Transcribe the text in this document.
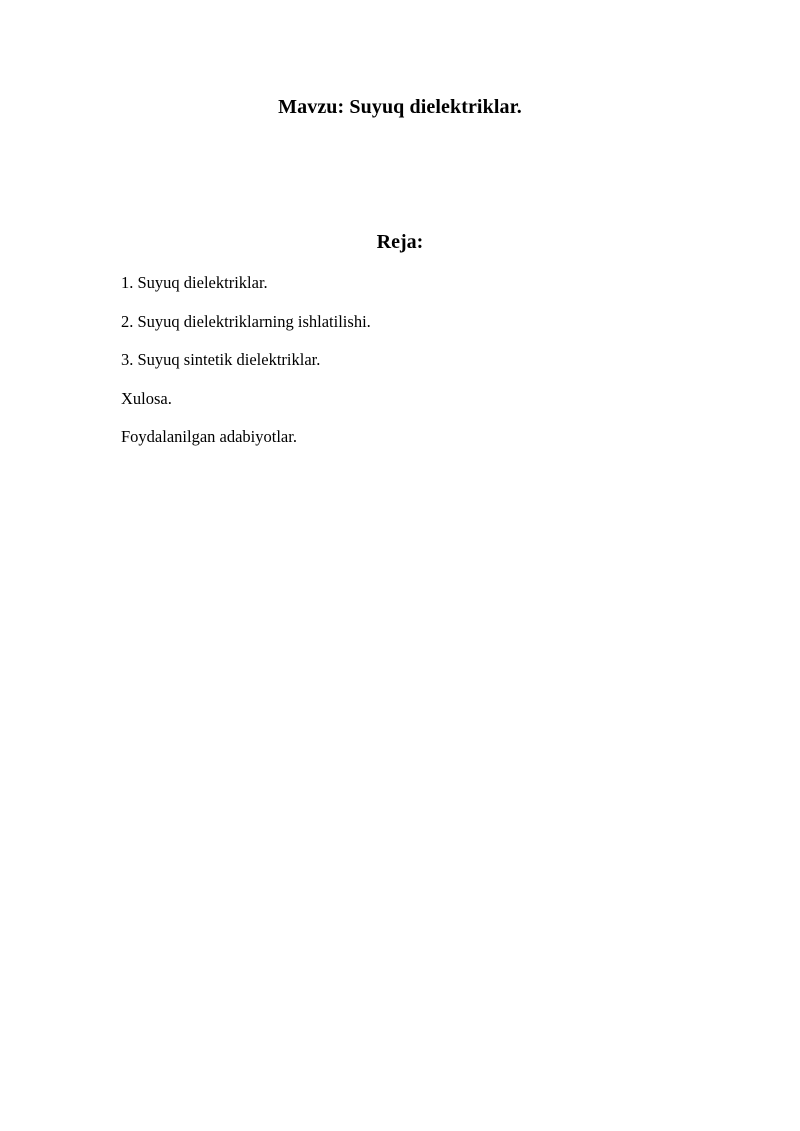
Mavzu: Suyuq dielektriklar.
Reja:
1. Suyuq dielektriklar.
2. Suyuq dielektriklarning ishlatilishi.
3. Suyuq sintetik dielektriklar.
Xulosa.
Foydalanilgan adabiyotlar.
